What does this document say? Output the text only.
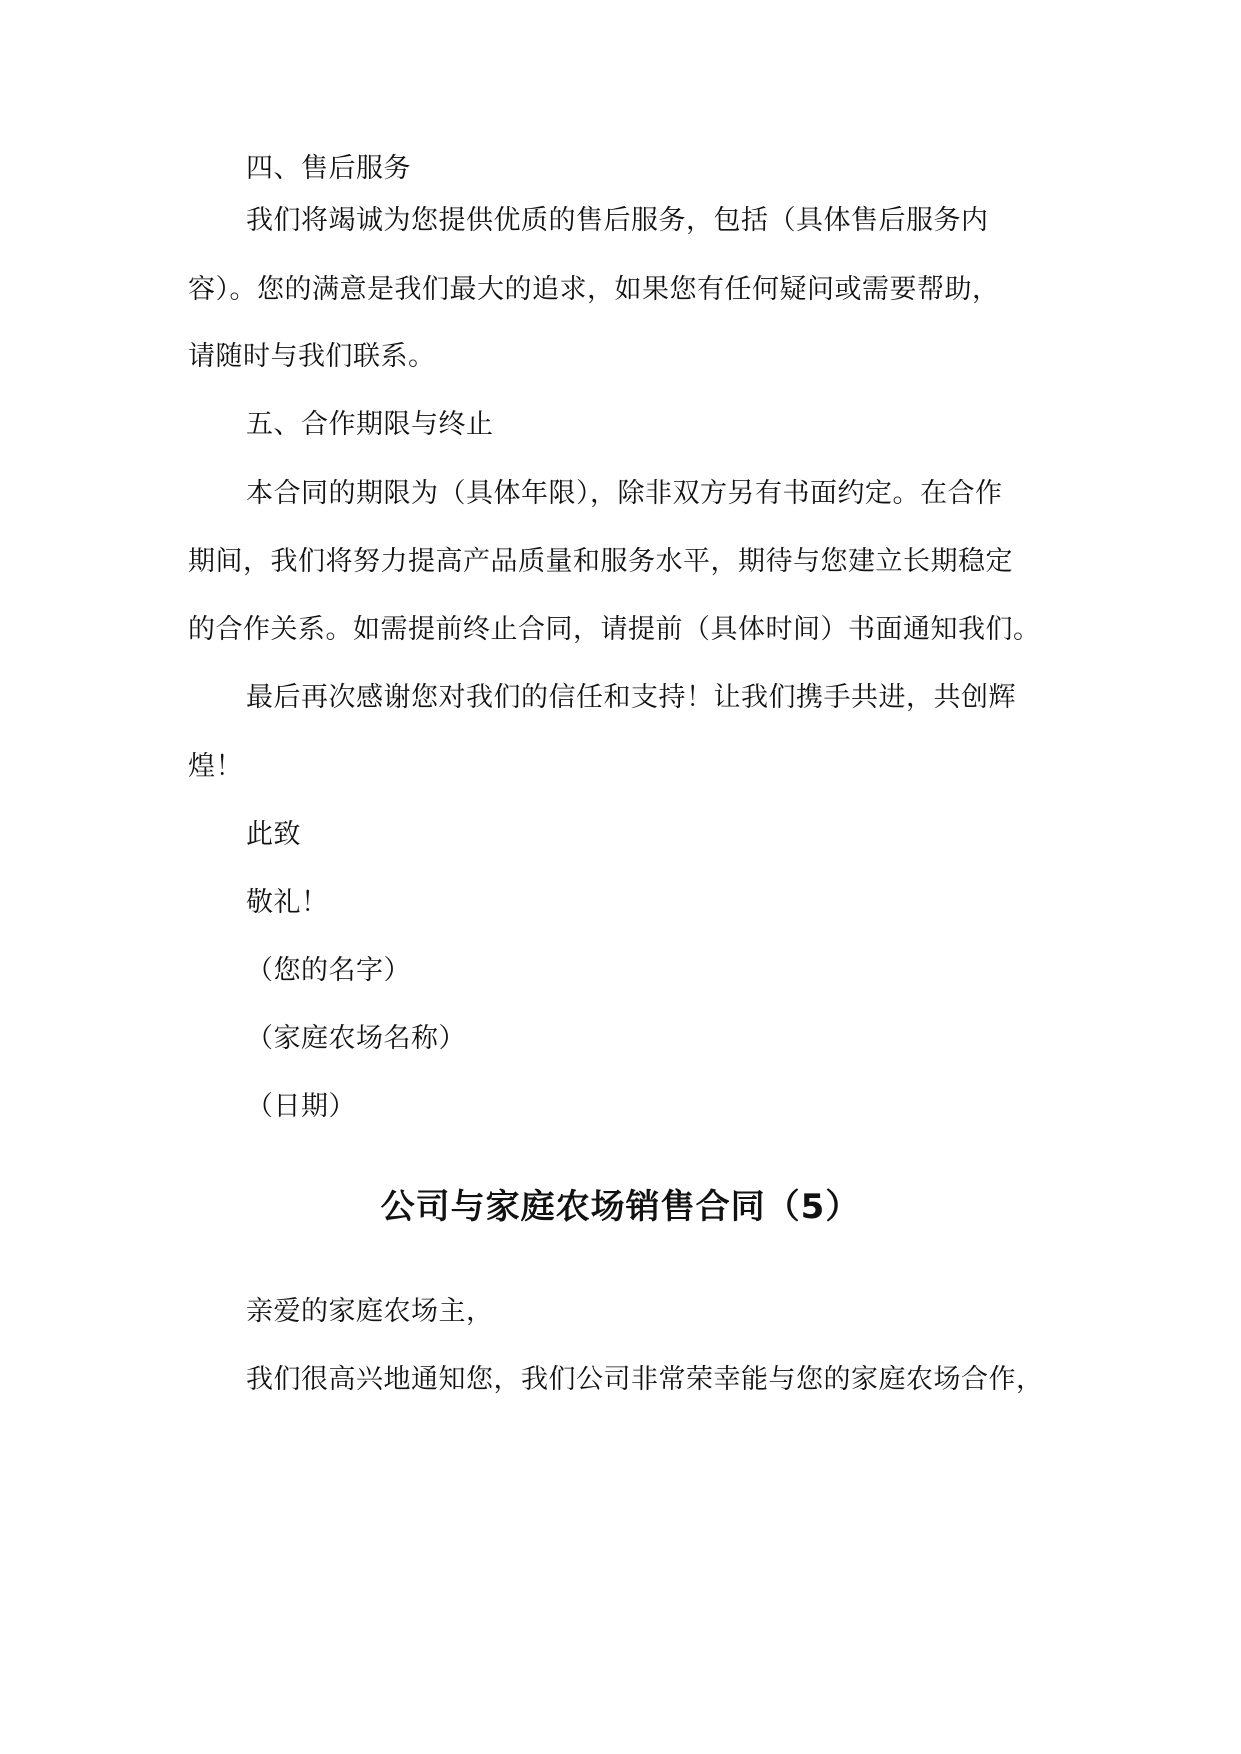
四、售后服务
我们将竭诚为您提供优质的售后服务，包括（具体售后服务内
容）。您的满意是我们最大的追求，如果您有任何疑问或需要帮助，
请随时与我们联系。
五、合作期限与终止
本合同的期限为（具体年限），除非双方另有书面约定。在合作
期间，我们将努力提高产品质量和服务水平，期待与您建立长期稳定
的合作关系。如需提前终止合同，请提前（具体时间）书面通知我们。
最后再次感谢您对我们的信任和支持！让我们携手共进，共创辉
煌！
此致
敬礼！
（您的名字）
（家庭农场名称）
（日期）
公司与家庭农场销售合同（5）
亲爱的家庭农场主，
我们很高兴地通知您，我们公司非常荣幸能与您的家庭农场合作，
